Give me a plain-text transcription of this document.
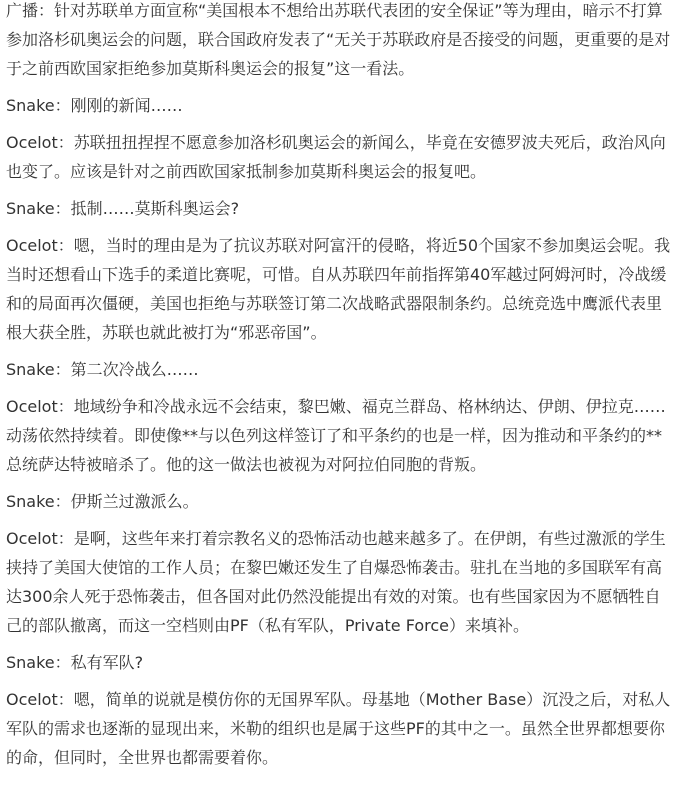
广播：针对苏联单方面宣称“美国根本不想给出苏联代表团的安全保证”等为理由，暗示不打算参加洛杉矶奥运会的问题，联合国政府发表了“无关于苏联政府是否接受的问题，更重要的是对于之前西欧国家拒绝参加莫斯科奥运会的报复”这一看法。

Snake：刚刚的新闻……

Ocelot：苏联扭扭捏捏不愿意参加洛杉矶奥运会的新闻么，毕竟在安德罗波夫死后，政治风向也变了。应该是针对之前西欧国家抵制参加莫斯科奥运会的报复吧。

Snake：抵制……莫斯科奥运会?

Ocelot：嗯，当时的理由是为了抗议苏联对阿富汗的侵略，将近50个国家不参加奥运会呢。我当时还想看山下选手的柔道比赛呢，可惜。自从苏联四年前指挥第40军越过阿姆河时，冷战缓和的局面再次僵硬，美国也拒绝与苏联签订第二次战略武器限制条约。总统竞选中鹰派代表里根大获全胜，苏联也就此被打为“邪恶帝国”。

Snake：第二次冷战么……

Ocelot：地域纷争和冷战永远不会结束，黎巴嫩、福克兰群岛、格林纳达、伊朗、伊拉克……动荡依然持续着。即使像**与以色列这样签订了和平条约的也是一样，因为推动和平条约的**总统萨达特被暗杀了。他的这一做法也被视为对阿拉伯同胞的背叛。

Snake：伊斯兰过激派么。

Ocelot：是啊，这些年来打着宗教名义的恐怖活动也越来越多了。在伊朗，有些过激派的学生挟持了美国大使馆的工作人员；在黎巴嫩还发生了自爆恐怖袭击。驻扎在当地的多国联军有高达300余人死于恐怖袭击，但各国对此仍然没能提出有效的对策。也有些国家因为不愿牺牲自己的部队撤离，而这一空档则由PF（私有军队，Private Force）来填补。

Snake：私有军队?

Ocelot：嗯，简单的说就是模仿你的无国界军队。母基地（Mother Base）沉没之后，对私人军队的需求也逐渐的显现出来，米勒的组织也是属于这些PF的其中之一。虽然全世界都想要你的命，但同时，全世界也都需要着你。
